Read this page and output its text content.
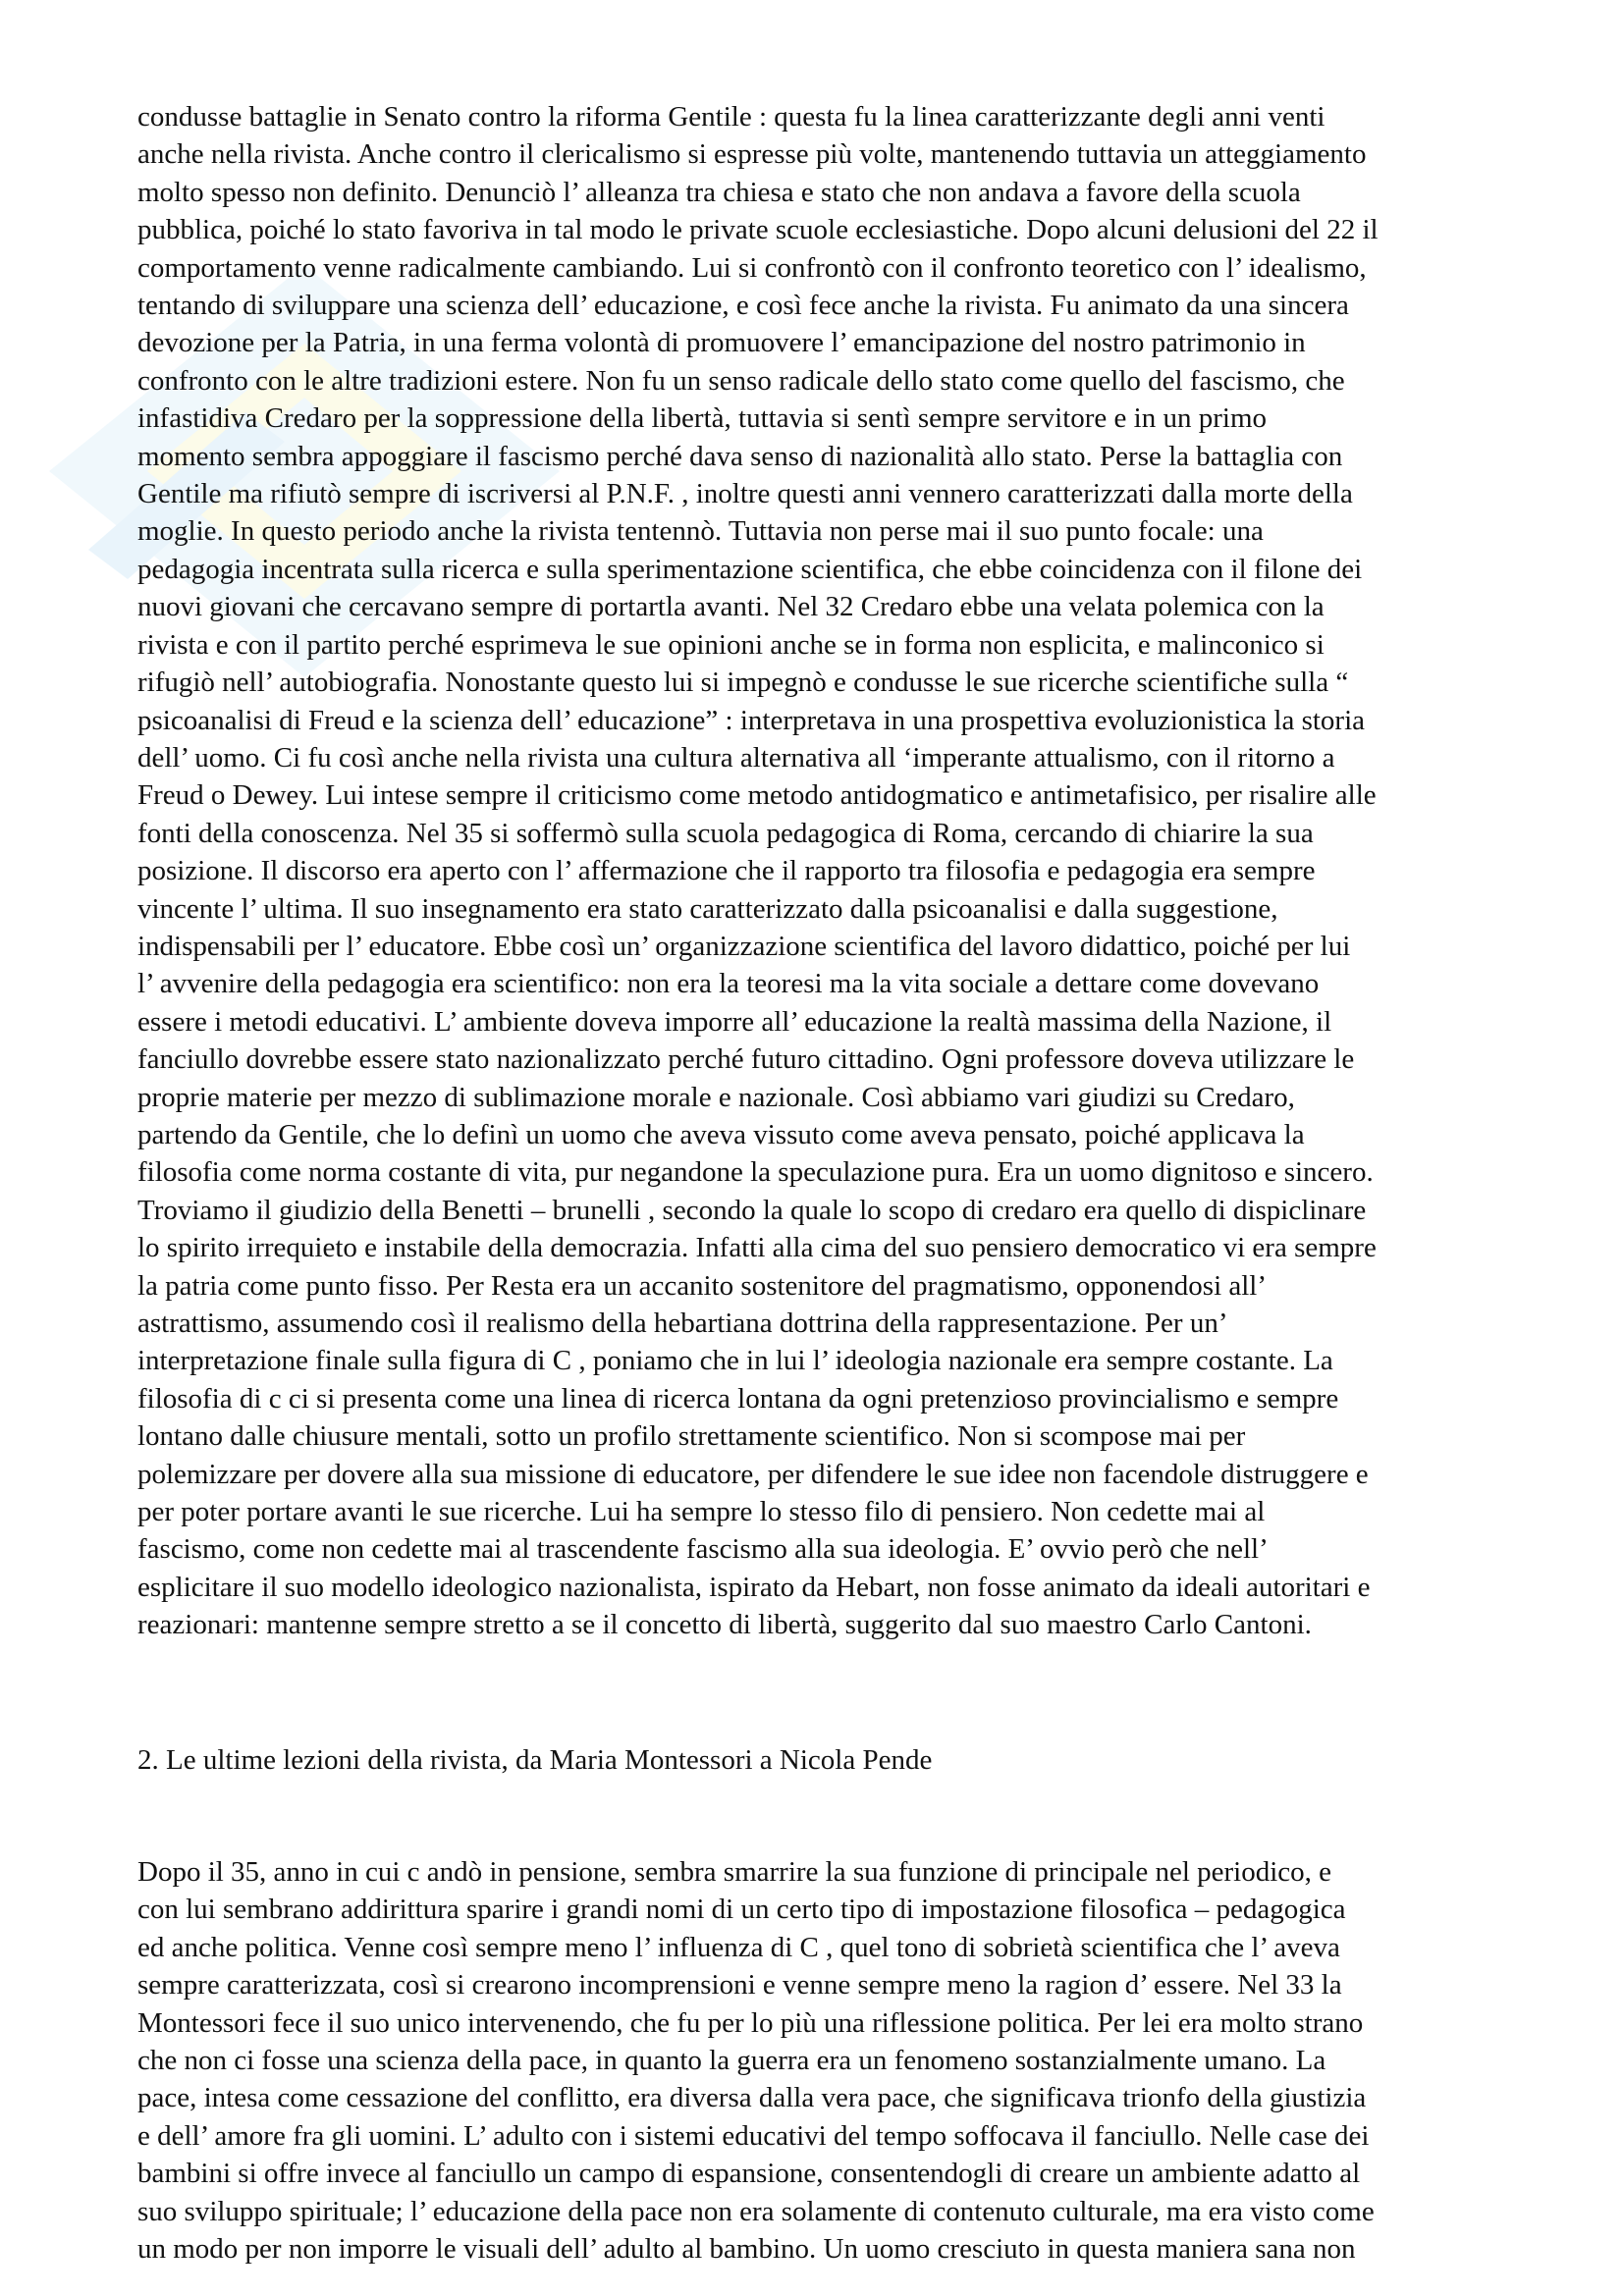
condusse battaglie in Senato contro la riforma Gentile : questa fu la linea caratterizzante degli anni venti
anche nella rivista. Anche contro il clericalismo si espresse più volte, mantenendo tuttavia un atteggiamento
molto spesso non definito. Denunciò l’ alleanza tra chiesa e stato che non andava a favore della scuola
pubblica, poiché lo stato favoriva in tal modo le private scuole ecclesiastiche. Dopo alcuni delusioni del 22 il
comportamento venne radicalmente cambiando. Lui si confrontò con il confronto teoretico con l’ idealismo,
tentando di sviluppare una scienza dell’ educazione, e così fece anche la rivista. Fu animato da una sincera
devozione per la Patria, in una ferma volontà di promuovere l’ emancipazione del nostro patrimonio in
confronto con le altre tradizioni estere. Non fu un senso radicale dello stato come quello del fascismo, che
infastidiva Credaro per la soppressione della libertà, tuttavia si sentì sempre servitore e in un primo
momento sembra appoggiare il fascismo perché dava senso di nazionalità allo stato. Perse la battaglia con
Gentile ma rifiutò sempre di iscriversi al P.N.F. , inoltre questi anni vennero caratterizzati dalla morte della
moglie. In questo periodo anche la rivista tentennò. Tuttavia non perse mai il suo punto focale: una
pedagogia incentrata sulla ricerca e sulla sperimentazione scientifica, che ebbe coincidenza con il filone dei
nuovi giovani che cercavano sempre di portartla avanti. Nel 32 Credaro ebbe una velata polemica con la
rivista e con il partito perché esprimeva le sue opinioni anche se in forma non esplicita, e malinconico si
rifugiò nell’ autobiografia. Nonostante questo lui si impegnò e condusse le sue ricerche scientifiche sulla “
psicoanalisi di Freud e la scienza dell’ educazione” : interpretava in una prospettiva evoluzionistica la storia
dell’ uomo. Ci fu così anche nella rivista una cultura alternativa all ‘imperante attualismo, con il ritorno a
Freud o Dewey. Lui intese sempre il criticismo come metodo antidogmatico e antimetafisico, per risalire alle
fonti della conoscenza. Nel 35 si soffermò sulla scuola pedagogica di Roma, cercando di chiarire la sua
posizione. Il discorso era aperto con l’ affermazione che il rapporto tra filosofia e pedagogia era sempre
vincente l’ ultima. Il suo insegnamento era stato caratterizzato dalla psicoanalisi e dalla suggestione,
indispensabili per l’ educatore. Ebbe così un’ organizzazione scientifica del lavoro didattico, poiché per lui
l’ avvenire della pedagogia era scientifico: non era la teoresi ma la vita sociale a dettare come dovevano
essere i metodi educativi. L’ ambiente doveva imporre all’ educazione la realtà massima della Nazione, il
fanciullo dovrebbe essere stato nazionalizzato perché futuro cittadino. Ogni professore doveva utilizzare le
proprie materie per mezzo di sublimazione morale e nazionale. Così abbiamo vari giudizi su Credaro,
partendo da Gentile, che lo definì un uomo che aveva vissuto come aveva pensato, poiché applicava la
filosofia come norma costante di vita, pur negandone la speculazione pura. Era un uomo dignitoso e sincero.
Troviamo il giudizio della Benetti – brunelli , secondo la quale lo scopo di credaro era quello di dispiclinare
lo spirito irrequieto e instabile della democrazia. Infatti alla cima del suo pensiero democratico vi era sempre
la patria come punto fisso. Per Resta era un accanito sostenitore del pragmatismo, opponendosi all’
astrattismo, assumendo così il realismo della hebartiana dottrina della rappresentazione. Per un’
interpretazione finale sulla figura di C , poniamo che in lui l’ ideologia nazionale era sempre costante. La
filosofia di c ci si presenta come una linea di ricerca lontana da ogni pretenzioso provincialismo e sempre
lontano dalle chiusure mentali, sotto un profilo strettamente scientifico. Non si scompose mai per
polemizzare per dovere alla sua missione di educatore, per difendere le sue idee non facendole distruggere e
per poter portare avanti le sue ricerche. Lui ha sempre lo stesso filo di pensiero. Non cedette mai al
fascismo, come non cedette mai al trascendente fascismo alla sua ideologia. E’ ovvio però che nell’
esplicitare il suo modello ideologico nazionalista, ispirato da Hebart, non fosse animato da ideali autoritari e
reazionari: mantenne sempre stretto a se il concetto di libertà, suggerito dal suo maestro Carlo Cantoni.

2. Le ultime lezioni della rivista, da Maria Montessori a Nicola Pende

Dopo il 35, anno in cui c andò in pensione, sembra smarrire la sua funzione di principale nel periodico, e
con lui sembrano addirittura sparire i grandi nomi di un certo tipo di impostazione filosofica – pedagogica
ed anche politica. Venne così sempre meno l’ influenza di C , quel tono di sobrietà scientifica che l’ aveva
sempre caratterizzata, così si crearono incomprensioni e venne sempre meno la ragion d’ essere. Nel 33 la
Montessori fece il suo unico intervenendo, che fu per lo più una riflessione politica. Per lei era molto strano
che non ci fosse una scienza della pace, in quanto la guerra era un fenomeno sostanzialmente umano. La
pace, intesa come cessazione del conflitto, era diversa dalla vera pace, che significava trionfo della giustizia
e dell’ amore fra gli uomini. L’ adulto con i sistemi educativi del tempo soffocava il fanciullo. Nelle case dei
bambini si offre invece al fanciullo un campo di espansione, consentendogli di creare un ambiente adatto al
suo sviluppo spirituale; l’ educazione della pace non era solamente di contenuto culturale, ma era visto come
un modo per non imporre le visuali dell’ adulto al bambino. Un uomo cresciuto in questa maniera sana non
